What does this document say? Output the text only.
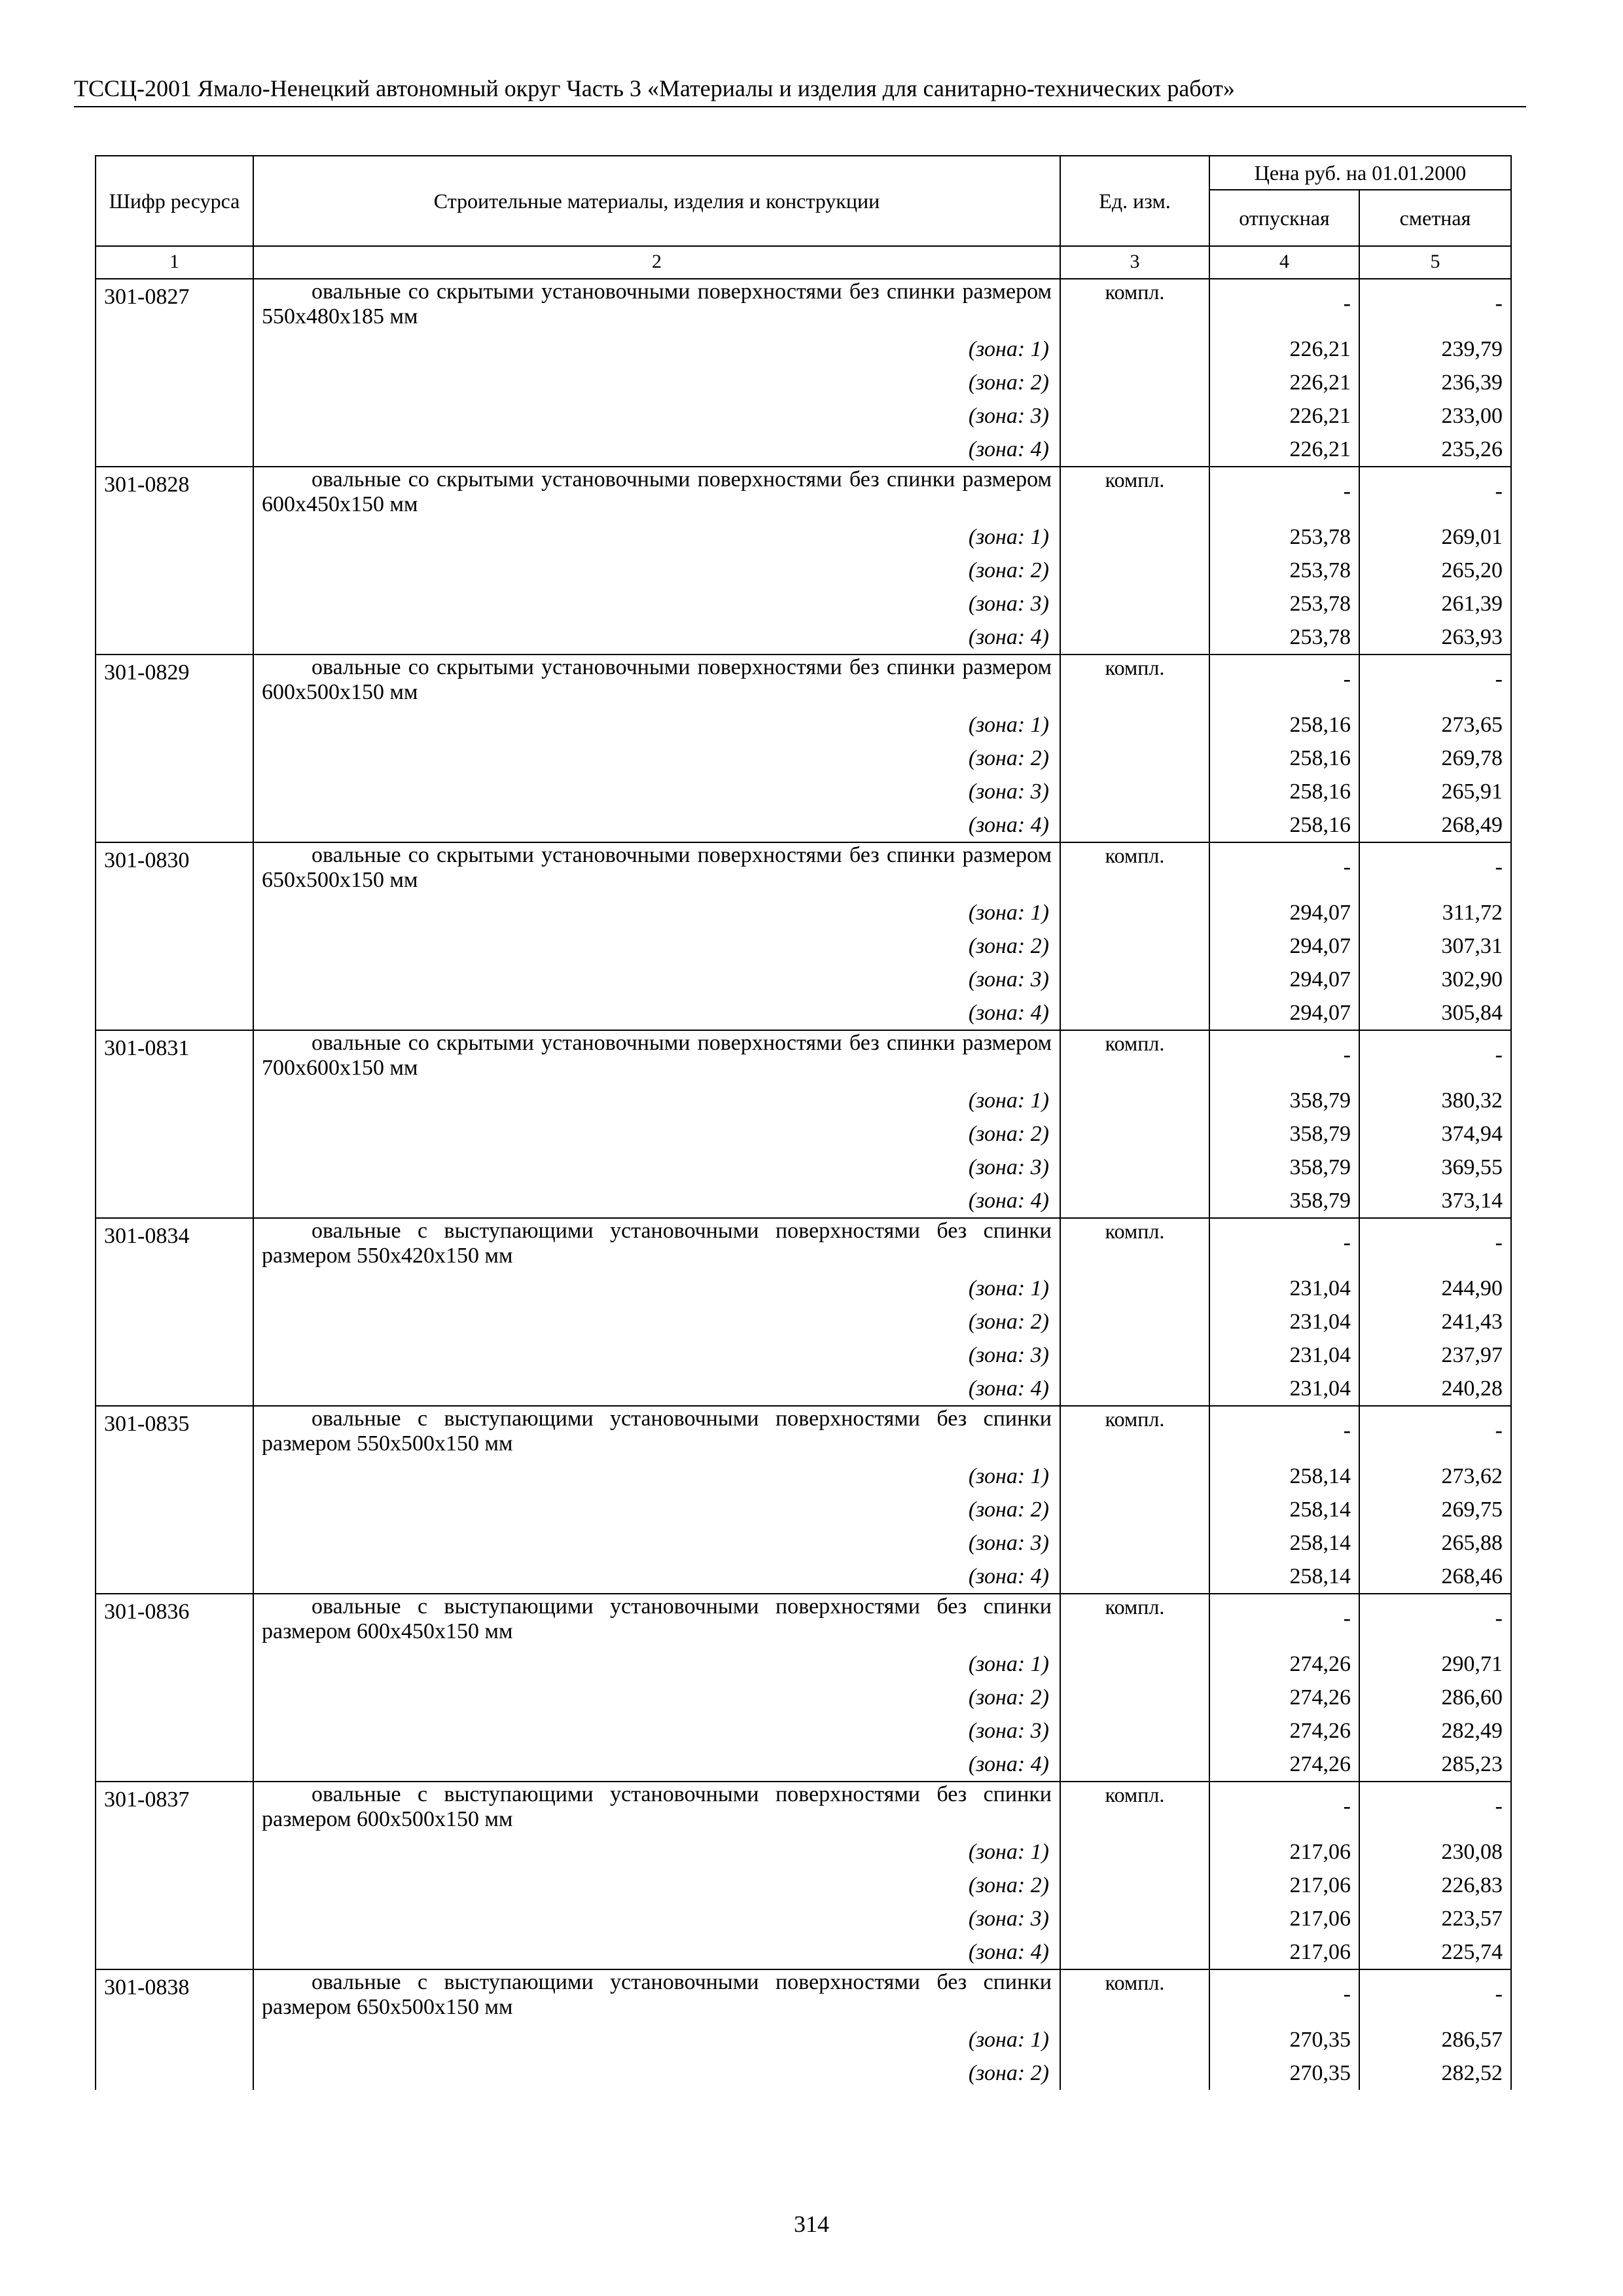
ТССЦ-2001 Ямало-Ненецкий автономный округ Часть 3 «Материалы и изделия для санитарно-технических работ»
Шифр ресурса	Строительные материалы, изделия и конструкции	Ед. изм.	Цена руб. на 01.01.2000	
			отпускная	сметная
1	2	3	4	5
301-0827	овальные со скрытыми установочными поверхностями без спинки размером 550х480х185 мм	компл.	-	-
	(зона: 1)		226,21	239,79
	(зона: 2)		226,21	236,39
	(зона: 3)		226,21	233,00
	(зона: 4)		226,21	235,26
301-0828	овальные со скрытыми установочными поверхностями без спинки размером 600х450х150 мм	компл.	-	-
	(зона: 1)		253,78	269,01
	(зона: 2)		253,78	265,20
	(зона: 3)		253,78	261,39
	(зона: 4)		253,78	263,93
301-0829	овальные со скрытыми установочными поверхностями без спинки размером 600х500х150 мм	компл.	-	-
	(зона: 1)		258,16	273,65
	(зона: 2)		258,16	269,78
	(зона: 3)		258,16	265,91
	(зона: 4)		258,16	268,49
301-0830	овальные со скрытыми установочными поверхностями без спинки размером 650х500х150 мм	компл.	-	-
	(зона: 1)		294,07	311,72
	(зона: 2)		294,07	307,31
	(зона: 3)		294,07	302,90
	(зона: 4)		294,07	305,84
301-0831	овальные со скрытыми установочными поверхностями без спинки размером 700х600х150 мм	компл.	-	-
	(зона: 1)		358,79	380,32
	(зона: 2)		358,79	374,94
	(зона: 3)		358,79	369,55
	(зона: 4)		358,79	373,14
301-0834	овальные с выступающими установочными поверхностями без спинки размером 550х420х150 мм	компл.	-	-
	(зона: 1)		231,04	244,90
	(зона: 2)		231,04	241,43
	(зона: 3)		231,04	237,97
	(зона: 4)		231,04	240,28
301-0835	овальные с выступающими установочными поверхностями без спинки размером 550х500х150 мм	компл.	-	-
	(зона: 1)		258,14	273,62
	(зона: 2)		258,14	269,75
	(зона: 3)		258,14	265,88
	(зона: 4)		258,14	268,46
301-0836	овальные с выступающими установочными поверхностями без спинки размером 600х450х150 мм	компл.	-	-
	(зона: 1)		274,26	290,71
	(зона: 2)		274,26	286,60
	(зона: 3)		274,26	282,49
	(зона: 4)		274,26	285,23
301-0837	овальные с выступающими установочными поверхностями без спинки размером 600х500х150 мм	компл.	-	-
	(зона: 1)		217,06	230,08
	(зона: 2)		217,06	226,83
	(зона: 3)		217,06	223,57
	(зона: 4)		217,06	225,74
301-0838	овальные с выступающими установочными поверхностями без спинки размером 650х500х150 мм	компл.	-	-
	(зона: 1)		270,35	286,57
	(зона: 2)		270,35	282,52
314
